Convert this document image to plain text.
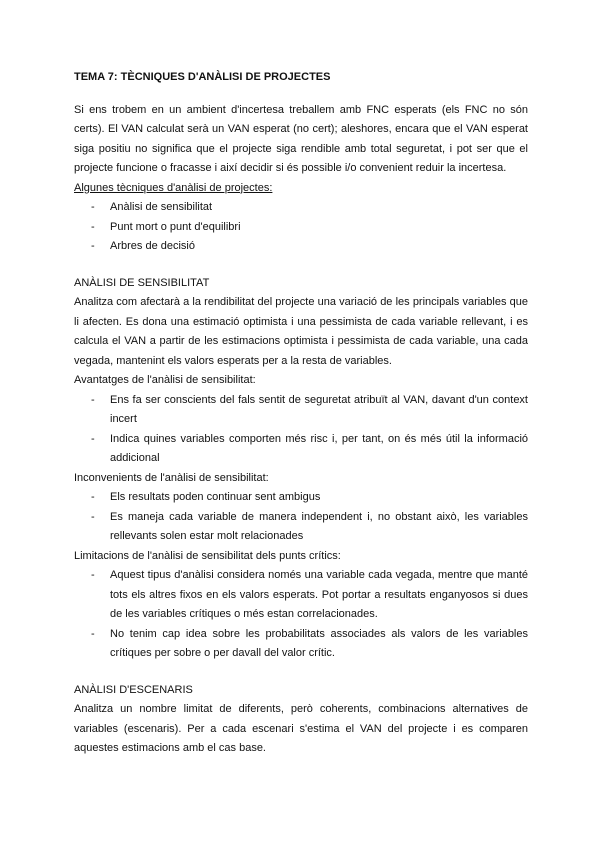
TEMA 7: TÈCNIQUES D'ANÀLISI DE PROJECTES

Si ens trobem en un ambient d'incertesa treballem amb FNC esperats (els FNC no són certs). El VAN calculat serà un VAN esperat (no cert); aleshores, encara que el VAN esperat siga positiu no significa que el projecte siga rendible amb total seguretat, i pot ser que el projecte funcione o fracasse i així decidir si és possible i/o convenient reduir la incertesa.

Algunes tècniques d'anàlisi de projectes:

- Anàlisi de sensibilitat
- Punt mort o punt d'equilibri
- Arbres de decisió

ANÀLISI DE SENSIBILITAT

Analitza com afectarà a la rendibilitat del projecte una variació de les principals variables que li afecten. Es dona una estimació optimista i una pessimista de cada variable rellevant, i es calcula el VAN a partir de les estimacions optimista i pessimista de cada variable, una cada vegada, mantenint els valors esperats per a la resta de variables.

Avantatges de l'anàlisi de sensibilitat:

- Ens fa ser conscients del fals sentit de seguretat atribuït al VAN, davant d'un context incert
- Indica quines variables comporten més risc i, per tant, on és més útil la informació addicional

Inconvenients de l'anàlisi de sensibilitat:

- Els resultats poden continuar sent ambigus
- Es maneja cada variable de manera independent i, no obstant això, les variables rellevants solen estar molt relacionades

Limitacions de l'anàlisi de sensibilitat dels punts crítics:

- Aquest tipus d'anàlisi considera només una variable cada vegada, mentre que manté tots els altres fixos en els valors esperats. Pot portar a resultats enganyosos si dues de les variables crítiques o més estan correlacionades.
- No tenim cap idea sobre les probabilitats associades als valors de les variables crítiques per sobre o per davall del valor crític.

ANÀLISI D'ESCENARIS

Analitza un nombre limitat de diferents, però coherents, combinacions alternatives de variables (escenaris). Per a cada escenari s'estima el VAN del projecte i es comparen aquestes estimacions amb el cas base.
